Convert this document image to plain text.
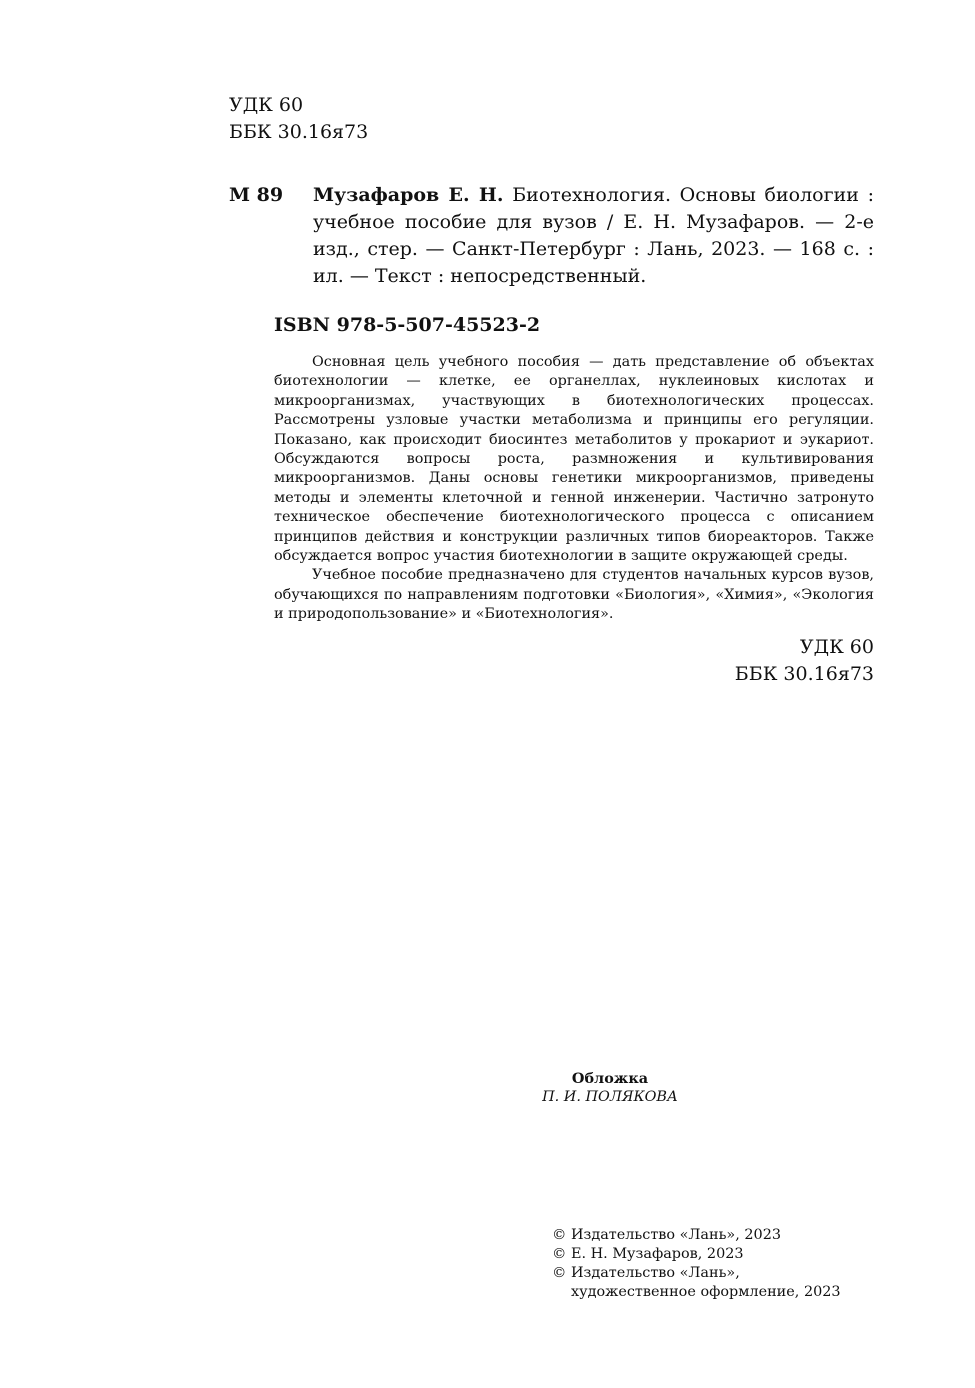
УДК 60
ББК 30.16я73
М 89 Музафаров Е. Н. Биотехнология. Основы биологии : учебное пособие для вузов / Е. Н. Музафаров. — 2-е изд., стер. — Санкт-Петербург : Лань, 2023. — 168 с. : ил. — Текст : непосредственный.
ISBN 978-5-507-45523-2

Основная цель учебного пособия — дать представление об объектах биотехнологии — клетке, ее органеллах, нуклеиновых кислотах и микроорганизмах, участвующих в биотехнологических процессах. Рассмотрены узловые участки метаболизма и принципы его регуляции. Показано, как происходит биосинтез метаболитов у прокариот и эукариот. Обсуждаются вопросы роста, размножения и культивирования микроорганизмов. Даны основы генетики микроорганизмов, приведены методы и элементы клеточной и генной инженерии. Частично затронуто техническое обеспечение биотехнологического процесса с описанием принципов действия и конструкции различных типов биореакторов. Также обсуждается вопрос участия биотехнологии в защите окружающей среды.

Учебное пособие предназначено для студентов начальных курсов вузов, обучающихся по направлениям подготовки «Биология», «Химия», «Экология и природопользование» и «Биотехнология».

УДК 60
ББК 30.16я73
Обложка
П. И. ПОЛЯКОВА
© Издательство «Лань», 2023
© Е. Н. Музафаров, 2023
© Издательство «Лань»,
художественное оформление, 2023
